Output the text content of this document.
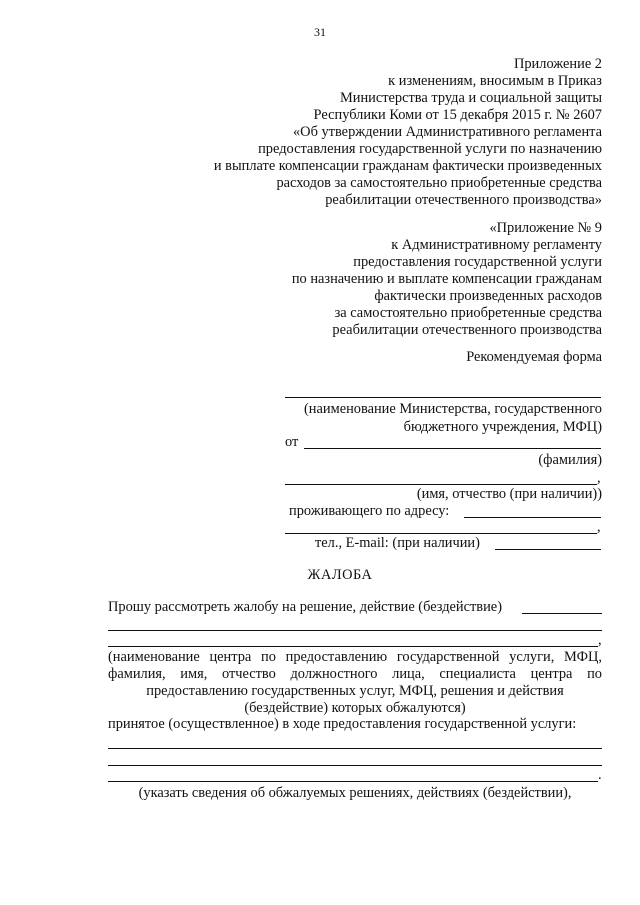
31
Приложение 2
к изменениям, вносимым в Приказ
Министерства труда и социальной защиты
Республики Коми от 15 декабря 2015 г. № 2607
«Об утверждении Административного регламента
предоставления государственной услуги по назначению
и выплате компенсации гражданам фактически произведенных
расходов за самостоятельно приобретенные средства
реабилитации отечественного производства»
«Приложение № 9
к Административному регламенту
предоставления государственной услуги
по назначению и выплате компенсации гражданам
фактически произведенных расходов
за самостоятельно приобретенные средства
реабилитации отечественного производства
Рекомендуемая форма
(наименование Министерства, государственного
бюджетного учреждения, МФЦ)
от
(фамилия)
,
(имя, отчество (при наличии))
проживающего по адресу:
,
тел., E-mail: (при наличии)
ЖАЛОБА
Прошу рассмотреть жалобу на решение, действие (бездействие)
,
(наименование центра по предоставлению государственной услуги, МФЦ,
фамилия, имя, отчество должностного лица, специалиста центра по
предоставлению государственных услуг, МФЦ, решения и действия
(бездействие) которых обжалуются)
принятое (осуществленное) в ходе предоставления государственной услуги:
.
(указать сведения об обжалуемых решениях, действиях (бездействии),
